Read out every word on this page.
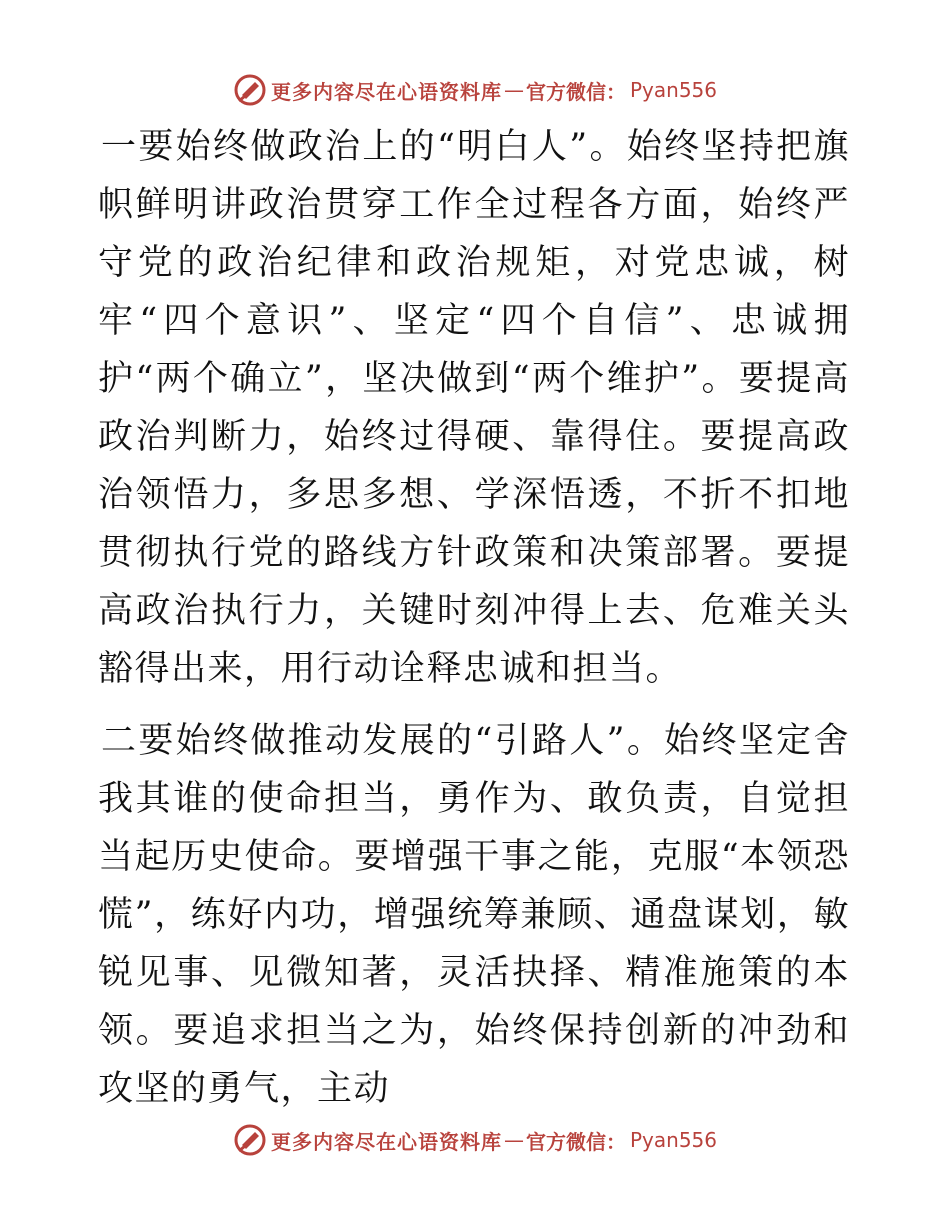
更多内容尽在心语资料库 — 官方微信： Pyan556

一要始终做政治上的“明白人”。始终坚持把旗帜鲜明讲政治贯穿工作全过程各方面，始终严守党的政治纪律和政治规矩，对党忠诚，树牢“四个意识”、坚定“四个自信”、忠诚拥护“两个确立”，坚决做到“两个维护”。要提高政治判断力，始终过得硬、靠得住。要提高政治领悟力，多思多想、学深悟透，不折不扣地贯彻执行党的路线方针政策和决策部署。要提高政治执行力，关键时刻冲得上去、危难关头豁得出来，用行动诠释忠诚和担当。

二要始终做推动发展的“引路人”。始终坚定舍我其谁的使命担当，勇作为、敢负责，自觉担当起历史使命。要增强干事之能，克服“本领恐慌”，练好内功，增强统筹兼顾、通盘谋划，敏锐见事、见微知著，灵活抉择、精准施策的本领。要追求担当之为，始终保持创新的冲劲和攻坚的勇气，主动

更多内容尽在心语资料库 — 官方微信： Pyan556
